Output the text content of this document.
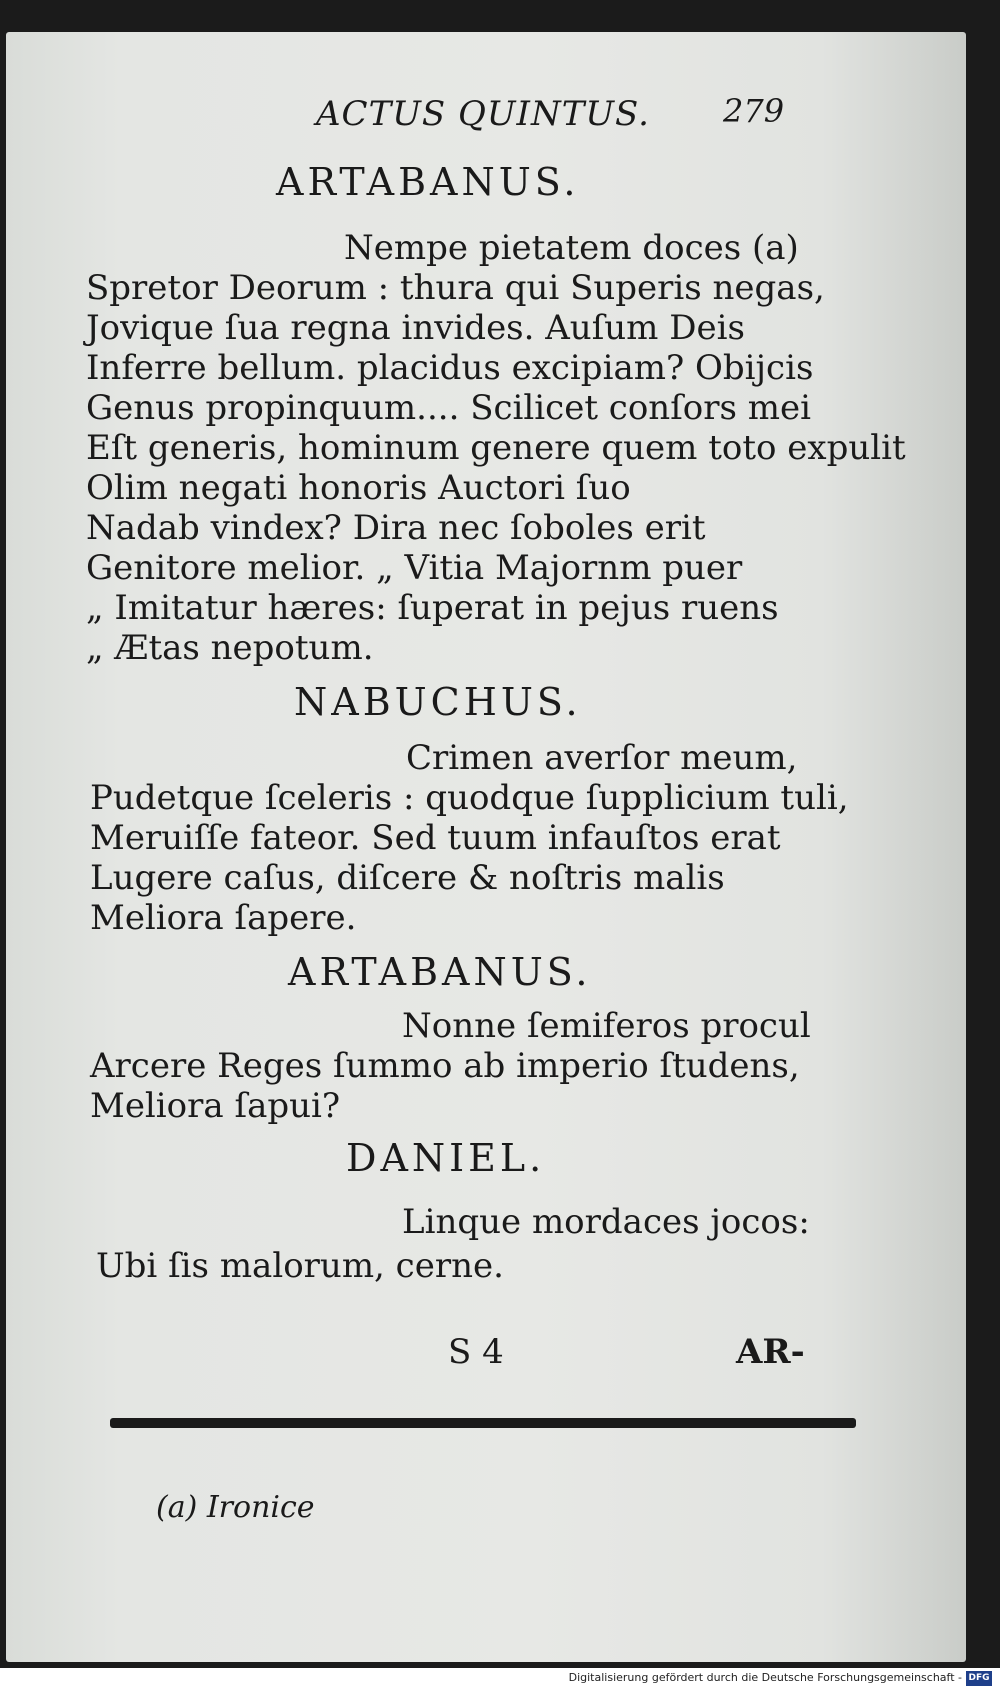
ACTUS QUINTUS. 279
ARTABANUS.
Nempe pietatem doces (a)
Spretor Deorum : thura qui Superis negas,
Jovique ſua regna invides. Auſum Deis
Inferre bellum. placidus excipiam? Obijcis
Genus propinquum.... Scilicet conſors mei
Eſt generis, hominum genere quem toto expulit
Olim negati honoris Auctori ſuo
Nadab vindex? Dira nec ſoboles erit
Genitore melior. „ Vitia Majornm puer
„ Imitatur hæres: ſuperat in pejus ruens
„ Ætas nepotum.
NABUCHUS.
Crimen averſor meum,
Pudetque ſceleris : quodque ſupplicium tuli,
Meruiſſe fateor. Sed tuum infauſtos erat
Lugere caſus, diſcere & noſtris malis
Meliora ſapere.
ARTABANUS.
Nonne ſemiferos procul
Arcere Reges ſummo ab imperio ſtudens,
Meliora ſapui?
DANIEL.
Linque mordaces jocos:
Ubi ſis malorum, cerne.
S 4	AR-
(a) Ironice
Digitalisierung gefördert durch die Deutsche Forschungsgemeinschaft - DFG
